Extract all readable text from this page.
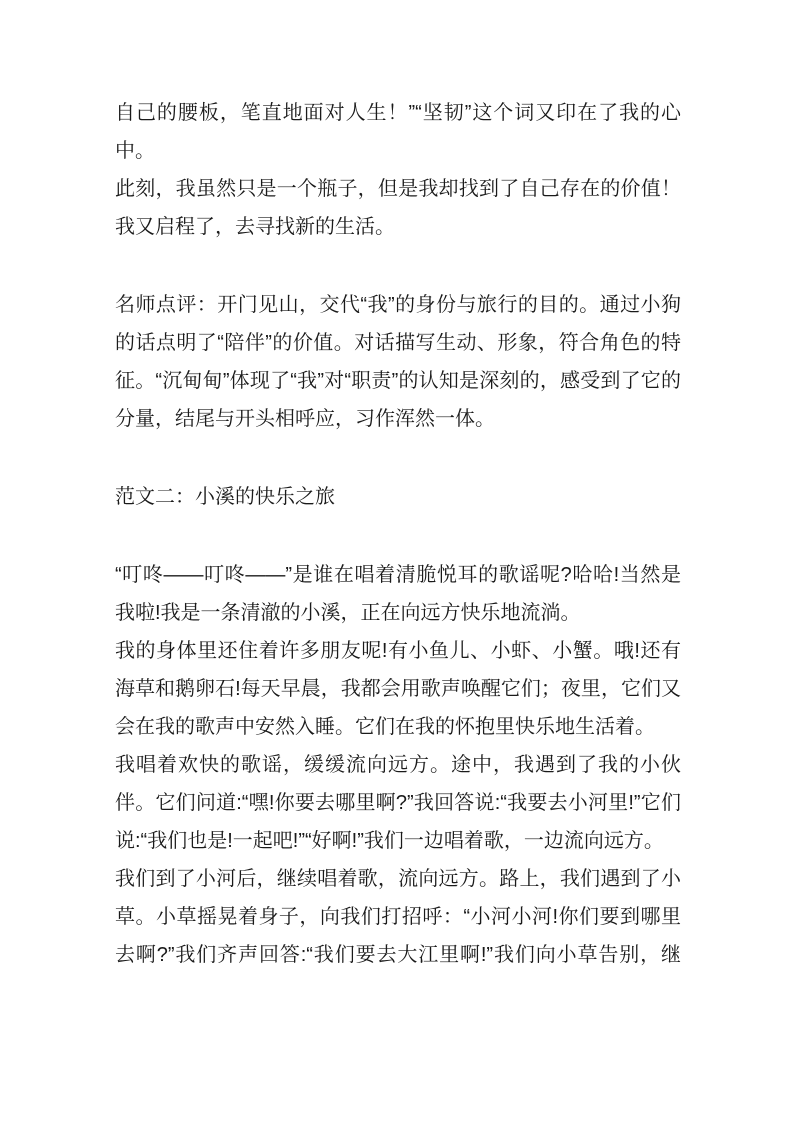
自己的腰板，笔直地面对人生！”“坚韧”这个词又印在了我的心中。

此刻，我虽然只是一个瓶子，但是我却找到了自己存在的价值！我又启程了，去寻找新的生活。

名师点评：开门见山，交代“我”的身份与旅行的目的。通过小狗的话点明了“陪伴”的价值。对话描写生动、形象，符合角色的特征。“沉甸甸”体现了“我”对“职责”的认知是深刻的，感受到了它的分量，结尾与开头相呼应，习作浑然一体。

范文二：小溪的快乐之旅

“叮咚——叮咚——”是谁在唱着清脆悦耳的歌谣呢?哈哈!当然是我啦!我是一条清澈的小溪，正在向远方快乐地流淌。

我的身体里还住着许多朋友呢!有小鱼儿、小虾、小蟹。哦!还有海草和鹅卵石!每天早晨，我都会用歌声唤醒它们；夜里，它们又会在我的歌声中安然入睡。它们在我的怀抱里快乐地生活着。

我唱着欢快的歌谣，缓缓流向远方。途中，我遇到了我的小伙伴。它们问道:“嘿!你要去哪里啊?”我回答说:“我要去小河里!”它们说:“我们也是!一起吧!”“好啊!”我们一边唱着歌，一边流向远方。

我们到了小河后，继续唱着歌，流向远方。路上，我们遇到了小草。小草摇晃着身子，向我们打招呼：“小河小河!你们要到哪里去啊?”我们齐声回答:“我们要去大江里啊!”我们向小草告别，继
